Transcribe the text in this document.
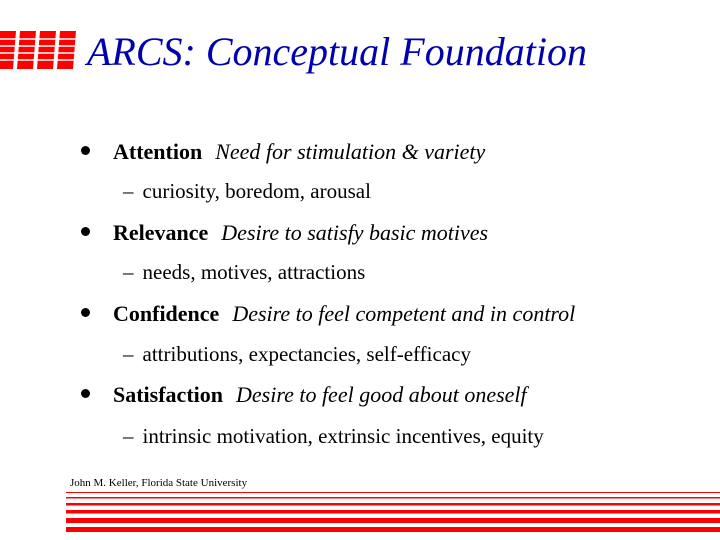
ARCS: Conceptual Foundation
Attention Need for stimulation & variety
– curiosity, boredom, arousal
Relevance Desire to satisfy basic motives
– needs, motives, attractions
Confidence Desire to feel competent and in control
– attributions, expectancies, self-efficacy
Satisfaction Desire to feel good about oneself
– intrinsic motivation, extrinsic incentives, equity
John M. Keller, Florida State University
